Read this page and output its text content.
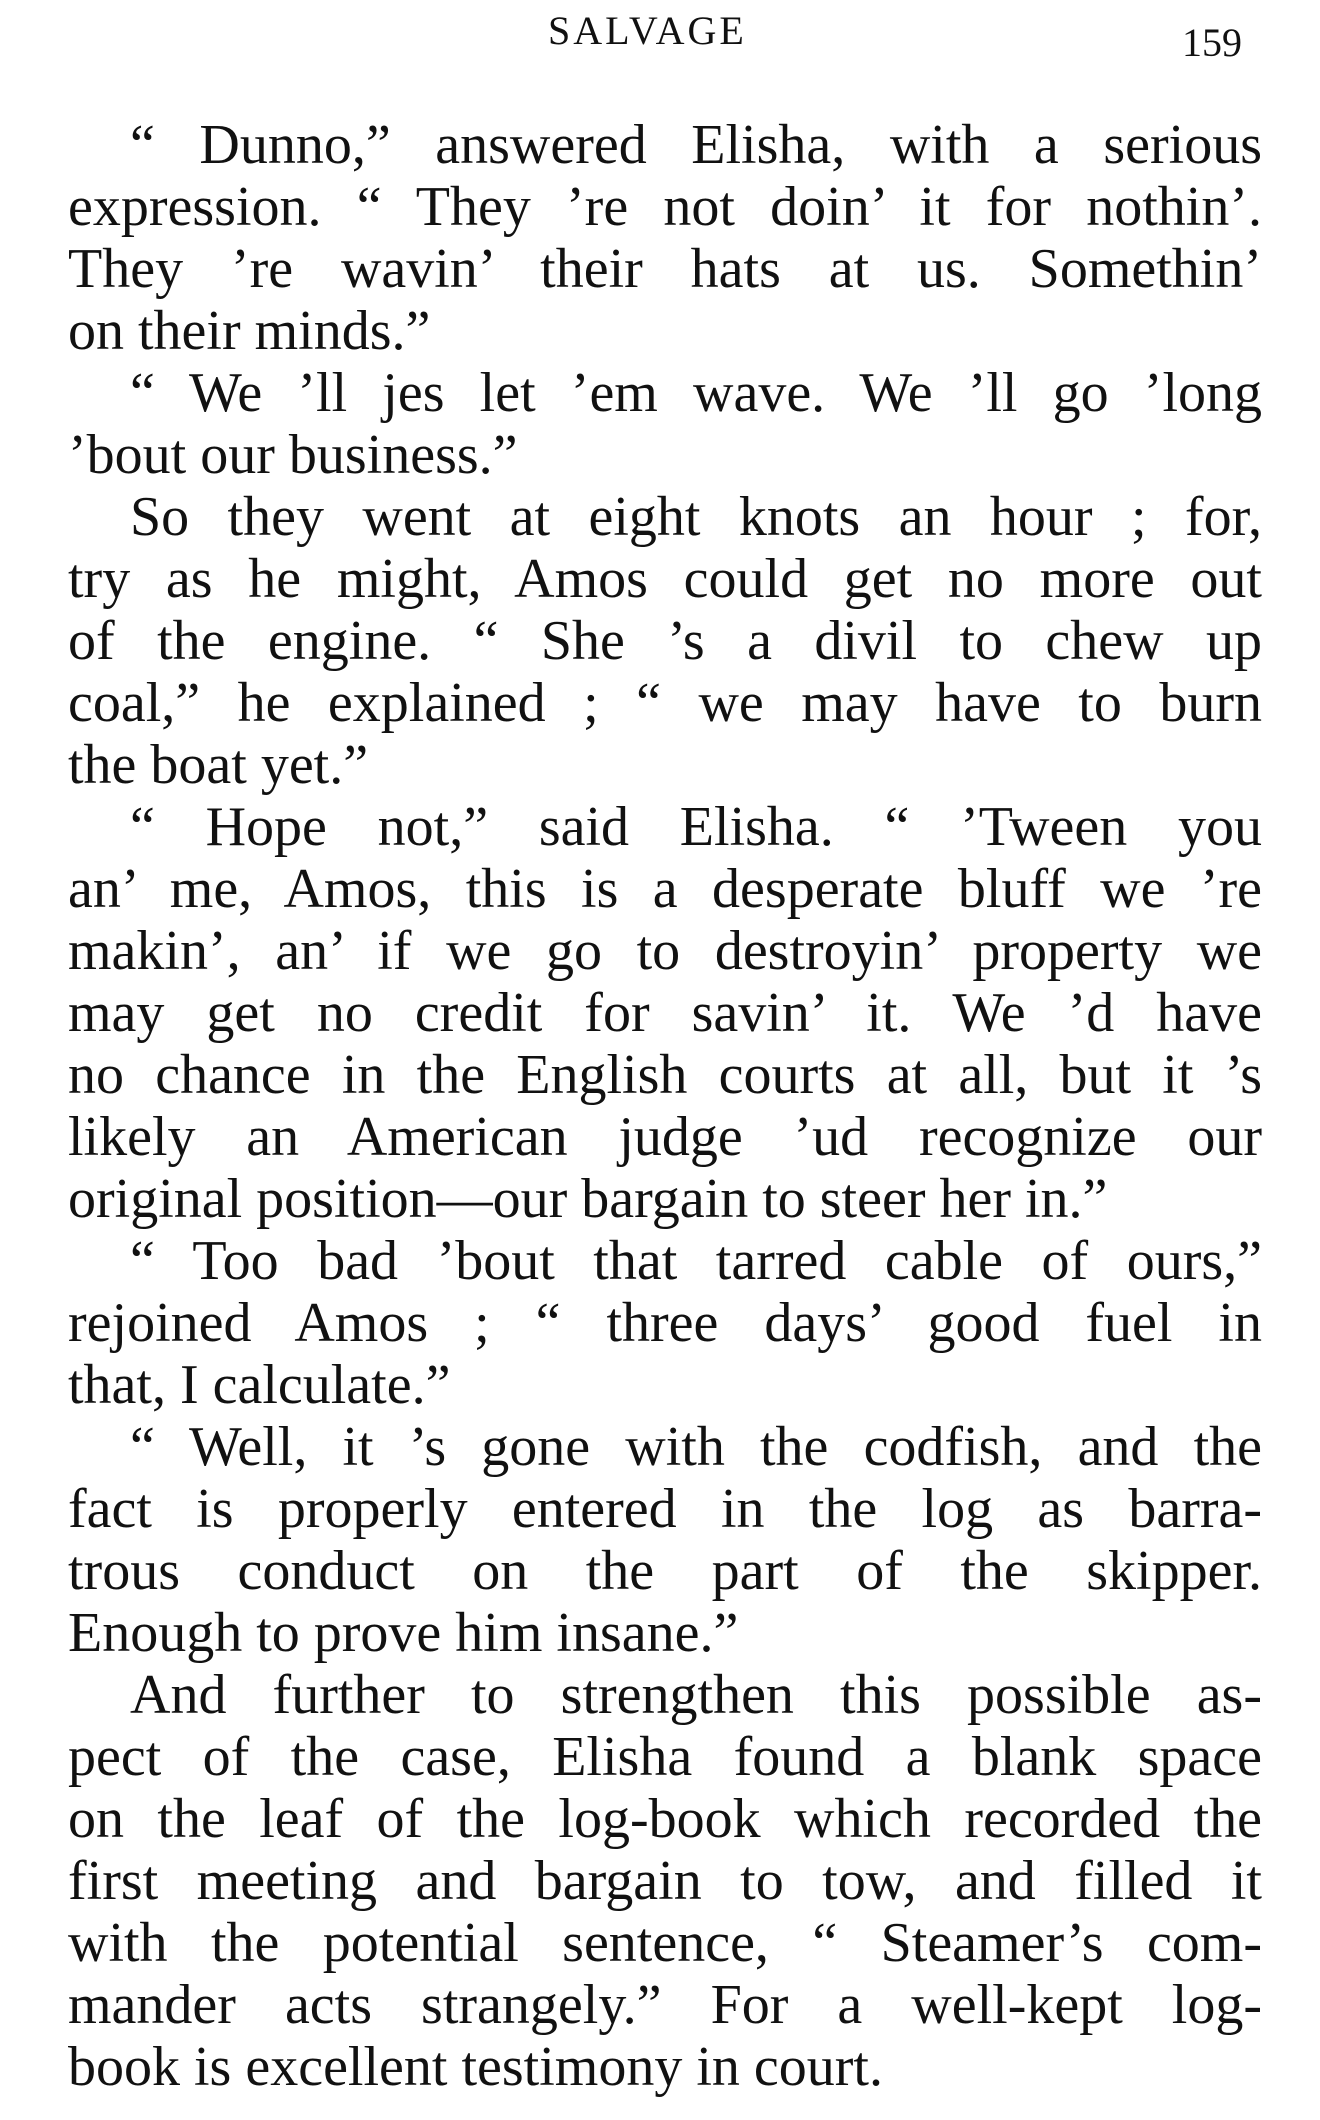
SALVAGE	159

“ Dunno,” answered Elisha, with a serious
expression. “ They ’re not doin’ it for nothin’.
They ’re wavin’ their hats at us. Somethin’
on their minds.”

“ We ’ll jes let ’em wave. We ’ll go ’long
’bout our business.”

So they went at eight knots an hour ; for,
try as he might, Amos could get no more out
of the engine. “ She ’s a divil to chew up
coal,” he explained ; “ we may have to burn
the boat yet.”

“ Hope not,” said Elisha. “ ’Tween you
an’ me, Amos, this is a desperate bluff we ’re
makin’, an’ if we go to destroyin’ property we
may get no credit for savin’ it. We ’d have
no chance in the English courts at all, but it ’s
likely an American judge ’ud recognize our
original position—our bargain to steer her in.”

“ Too bad ’bout that tarred cable of ours,”
rejoined Amos ; “ three days’ good fuel in
that, I calculate.”

“ Well, it ’s gone with the codfish, and the
fact is properly entered in the log as barra-
trous conduct on the part of the skipper.
Enough to prove him insane.”

And further to strengthen this possible as-
pect of the case, Elisha found a blank space
on the leaf of the log-book which recorded the
first meeting and bargain to tow, and filled it
with the potential sentence, “ Steamer’s com-
mander acts strangely.” For a well-kept log-
book is excellent testimony in court.
